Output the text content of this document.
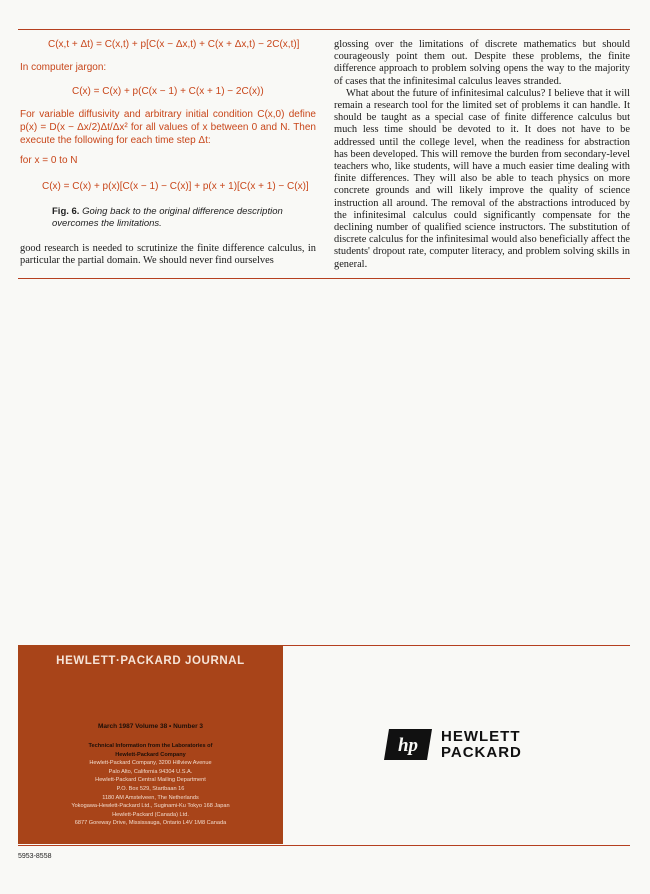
C(x,t + Δt) = C(x,t) + p[C(x − Δx,t) + C(x + Δx,t) − 2C(x,t)]
In computer jargon:
C(x) = C(x) + p(C(x − 1) + C(x + 1) − 2C(x))
For variable diffusivity and arbitrary initial condition C(x,0) define p(x) = D(x − Δx/2)Δt/Δx² for all values of x between 0 and N. Then execute the following for each time step Δt:
for x = 0 to N
C(x) = C(x) + p(x)[C(x − 1) − C(x)] + p(x + 1)[C(x + 1) − C(x)]
Fig. 6. Going back to the original difference description overcomes the limitations.
good research is needed to scrutinize the finite difference calculus, in particular the partial domain. We should never find ourselves

glossing over the limitations of discrete mathematics but should courageously point them out. Despite these problems, the finite difference approach to problem solving opens the way to the majority of cases that the infinitesimal calculus leaves stranded.

What about the future of infinitesimal calculus? I believe that it will remain a research tool for the limited set of problems it can handle. It should be taught as a special case of finite difference calculus but much less time should be devoted to it. It does not have to be addressed until the college level, when the readiness for abstraction has been developed. This will remove the burden from secondary-level teachers who, like students, will have a much easier time dealing with finite differences. They will also be able to teach physics on more concrete grounds and will likely improve the quality of science instruction all around. The removal of the abstractions introduced by the infinitesimal calculus could significantly compensate for the declining number of qualified science instructors. The substitution of discrete calculus for the infinitesimal would also beneficially affect the students' dropout rate, computer literacy, and problem solving skills in general.

HEWLETT·PACKARD JOURNAL
March 1987 Volume 38 • Number 3
Technical Information from the Laboratories of
Hewlett-Packard Company
Hewlett-Packard Company, 3200 Hillview Avenue
Palo Alto, California 94304 U.S.A.
Hewlett-Packard Central Mailing Department
P.O. Box 529, Startbaan 16
1180 AM Amstelveen, The Netherlands
Yokogawa-Hewlett-Packard Ltd., Suginami-Ku Tokyo 168 Japan
Hewlett-Packard (Canada) Ltd.
6877 Goreway Drive, Mississauga, Ontario L4V 1M8 Canada
hp HEWLETT
PACKARD
5953-8558
